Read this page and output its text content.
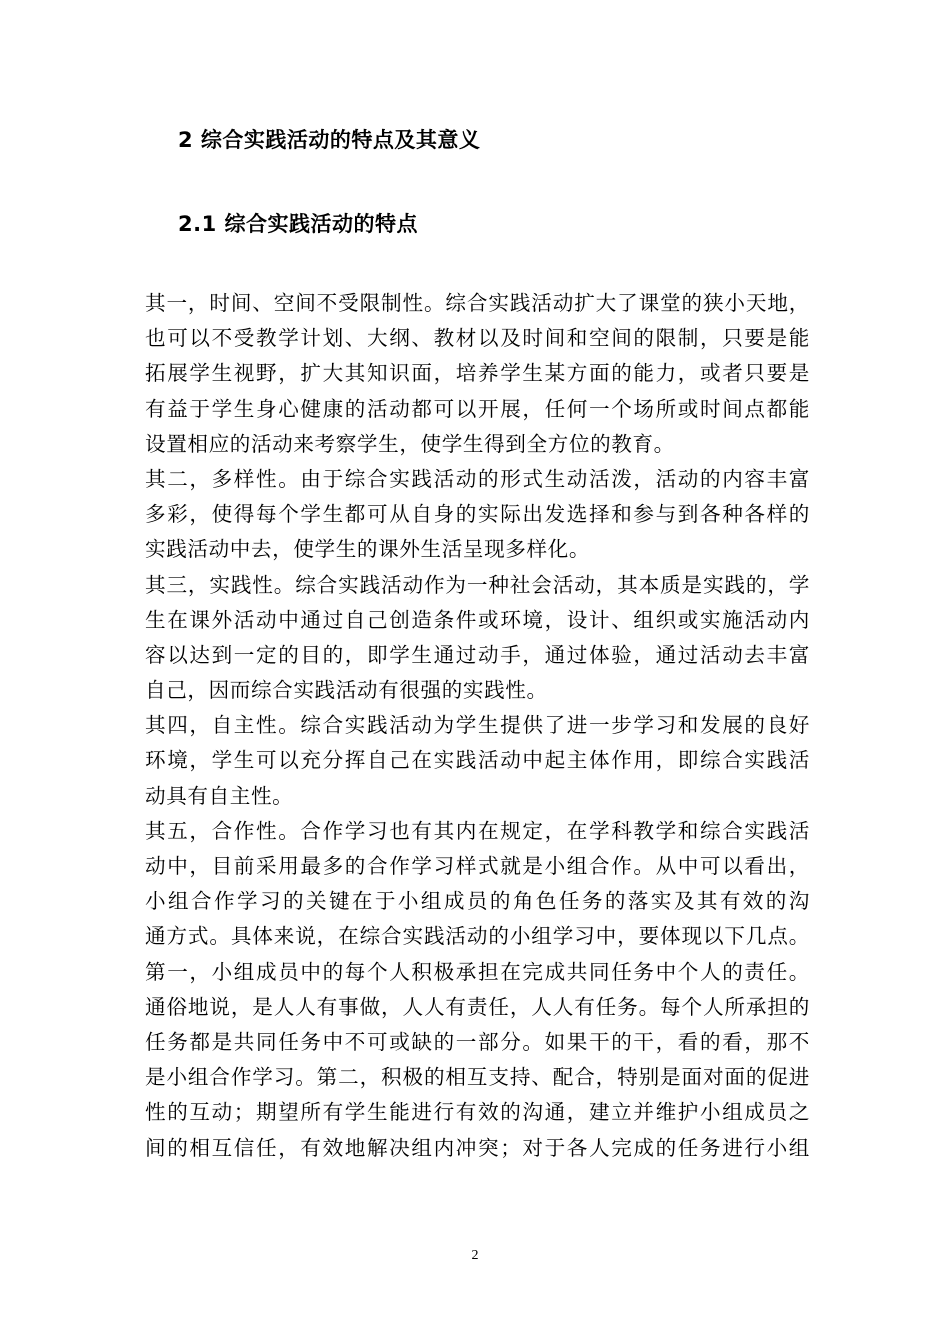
2 综合实践活动的特点及其意义
2.1 综合实践活动的特点
其一，时间、空间不受限制性。综合实践活动扩大了课堂的狭小天地，
也可以不受教学计划、大纲、教材以及时间和空间的限制，只要是能
拓展学生视野，扩大其知识面，培养学生某方面的能力，或者只要是
有益于学生身心健康的活动都可以开展，任何一个场所或时间点都能
设置相应的活动来考察学生，使学生得到全方位的教育。
其二，多样性。由于综合实践活动的形式生动活泼，活动的内容丰富
多彩，使得每个学生都可从自身的实际出发选择和参与到各种各样的
实践活动中去，使学生的课外生活呈现多样化。
其三，实践性。综合实践活动作为一种社会活动，其本质是实践的，学
生在课外活动中通过自己创造条件或环境，设计、组织或实施活动内
容以达到一定的目的，即学生通过动手，通过体验，通过活动去丰富
自己，因而综合实践活动有很强的实践性。
其四，自主性。综合实践活动为学生提供了进一步学习和发展的良好
环境，学生可以充分挥自己在实践活动中起主体作用，即综合实践活
动具有自主性。
其五，合作性。合作学习也有其内在规定，在学科教学和综合实践活
动中，目前采用最多的合作学习样式就是小组合作。从中可以看出，
小组合作学习的关键在于小组成员的角色任务的落实及其有效的沟
通方式。具体来说，在综合实践活动的小组学习中，要体现以下几点。
第一，小组成员中的每个人积极承担在完成共同任务中个人的责任。
通俗地说，是人人有事做，人人有责任，人人有任务。每个人所承担的
任务都是共同任务中不可或缺的一部分。如果干的干，看的看，那不
是小组合作学习。第二，积极的相互支持、配合，特别是面对面的促进
性的互动；期望所有学生能进行有效的沟通，建立并维护小组成员之
间的相互信任，有效地解决组内冲突；对于各人完成的任务进行小组
2
